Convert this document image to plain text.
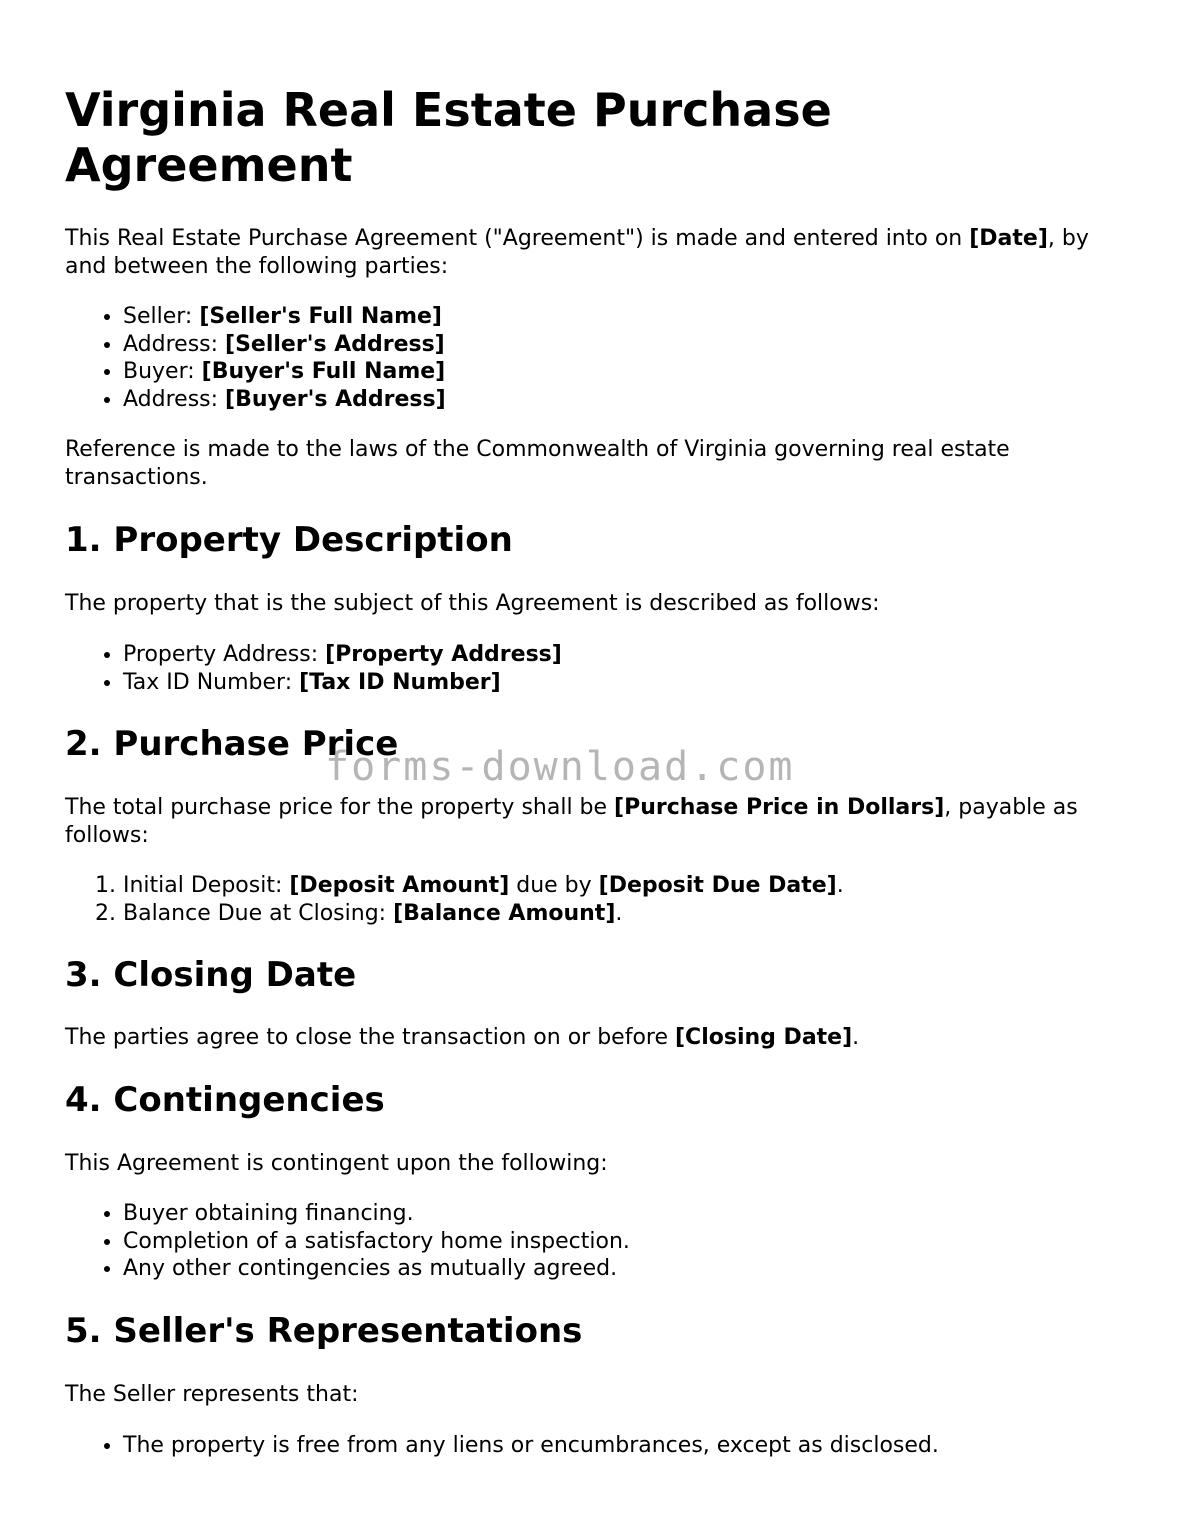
Virginia Real Estate Purchase Agreement

This Real Estate Purchase Agreement ("Agreement") is made and entered into on [Date], by and between the following parties:

• Seller: [Seller's Full Name]
• Address: [Seller's Address]
• Buyer: [Buyer's Full Name]
• Address: [Buyer's Address]

Reference is made to the laws of the Commonwealth of Virginia governing real estate transactions.

1. Property Description

The property that is the subject of this Agreement is described as follows:

• Property Address: [Property Address]
• Tax ID Number: [Tax ID Number]
2. Purchase Price

The total purchase price for the property shall be [Purchase Price in Dollars], payable as follows:

1. Initial Deposit: [Deposit Amount] due by [Deposit Due Date].
2. Balance Due at Closing: [Balance Amount].
3. Closing Date

The parties agree to close the transaction on or before [Closing Date].

4. Contingencies

This Agreement is contingent upon the following:

• Buyer obtaining financing.
• Completion of a satisfactory home inspection.
• Any other contingencies as mutually agreed.
5. Seller's Representations

The Seller represents that:

• The property is free from any liens or encumbrances, except as disclosed.
forms-download.com
